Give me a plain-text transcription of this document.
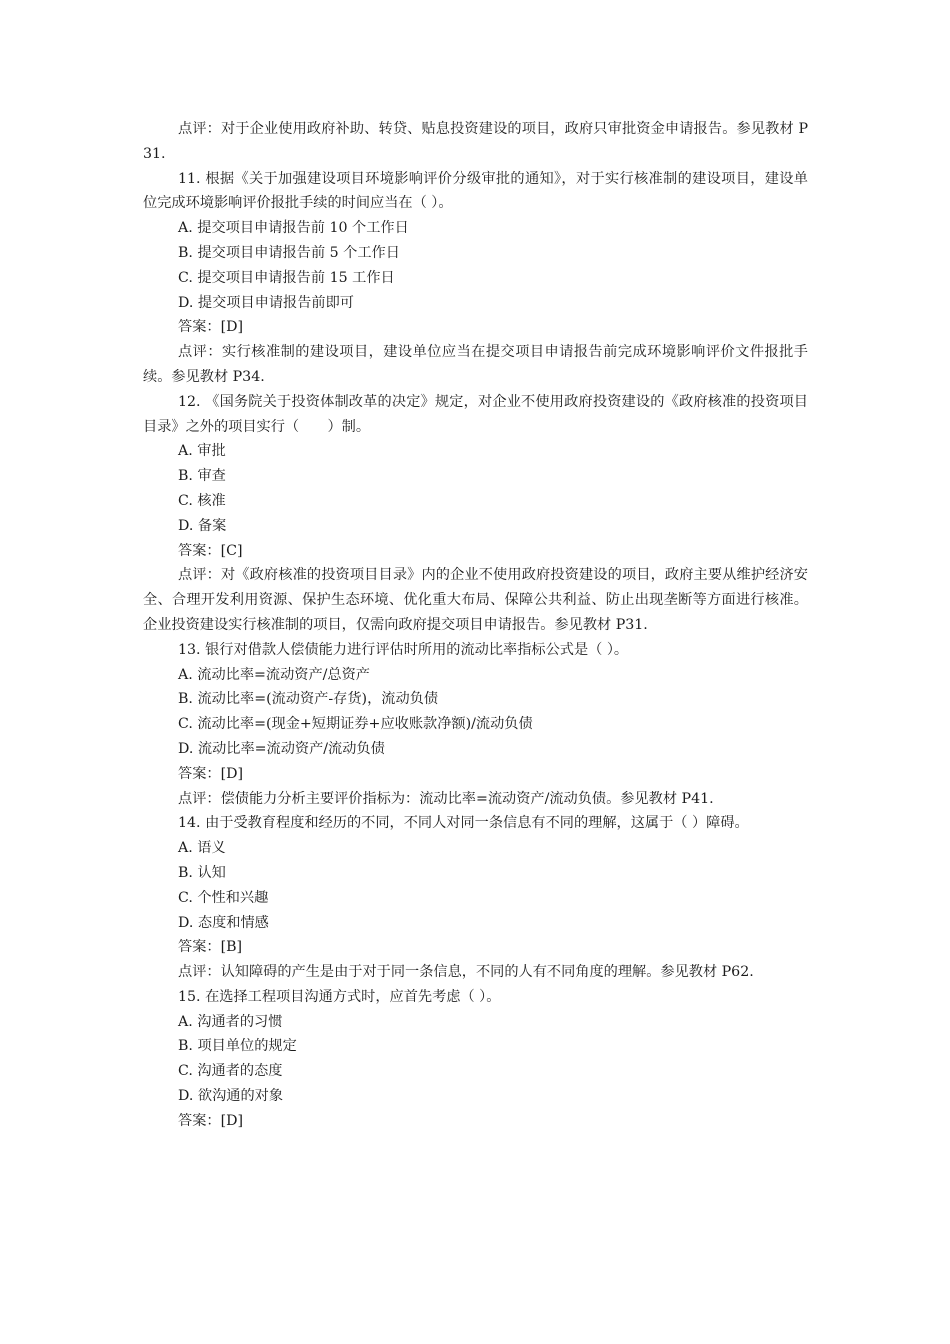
点评：对于企业使用政府补助、转贷、贴息投资建设的项目，政府只审批资金申请报告。参见教材 P31.

11. 根据《关于加强建设项目环境影响评价分级审批的通知》，对于实行核准制的建设项目，建设单位完成环境影响评价报批手续的时间应当在（ ）。

A. 提交项目申请报告前 10 个工作日

B. 提交项目申请报告前 5 个工作日

C. 提交项目申请报告前 15 工作日

D. 提交项目申请报告前即可

答案：[D]

点评：实行核准制的建设项目，建设单位应当在提交项目申请报告前完成环境影响评价文件报批手续。参见教材 P34.

12. 《国务院关于投资体制改革的决定》规定，对企业不使用政府投资建设的《政府核准的投资项目目录》之外的项目实行（　　）制。

A. 审批

B. 审查

C. 核准

D. 备案

答案：[C]

点评：对《政府核准的投资项目目录》内的企业不使用政府投资建设的项目，政府主要从维护经济安全、合理开发利用资源、保护生态环境、优化重大布局、保障公共利益、防止出现垄断等方面进行核准。企业投资建设实行核准制的项目，仅需向政府提交项目申请报告。参见教材 P31.

13. 银行对借款人偿债能力进行评估时所用的流动比率指标公式是（ ）。

A. 流动比率=流动资产/总资产

B. 流动比率=(流动资产-存货)，流动负债

C. 流动比率=(现金+短期证券+应收账款净额)/流动负债

D. 流动比率=流动资产/流动负债

答案：[D]

点评：偿债能力分析主要评价指标为：流动比率=流动资产/流动负债。参见教材 P41.

14. 由于受教育程度和经历的不同，不同人对同一条信息有不同的理解，这属于（ ）障碍。

A. 语义

B. 认知

C. 个性和兴趣

D. 态度和情感

答案：[B]

点评：认知障碍的产生是由于对于同一条信息，不同的人有不同角度的理解。参见教材 P62.

15. 在选择工程项目沟通方式时，应首先考虑（ ）。

A. 沟通者的习惯

B. 项目单位的规定

C. 沟通者的态度

D. 欲沟通的对象

答案：[D]
